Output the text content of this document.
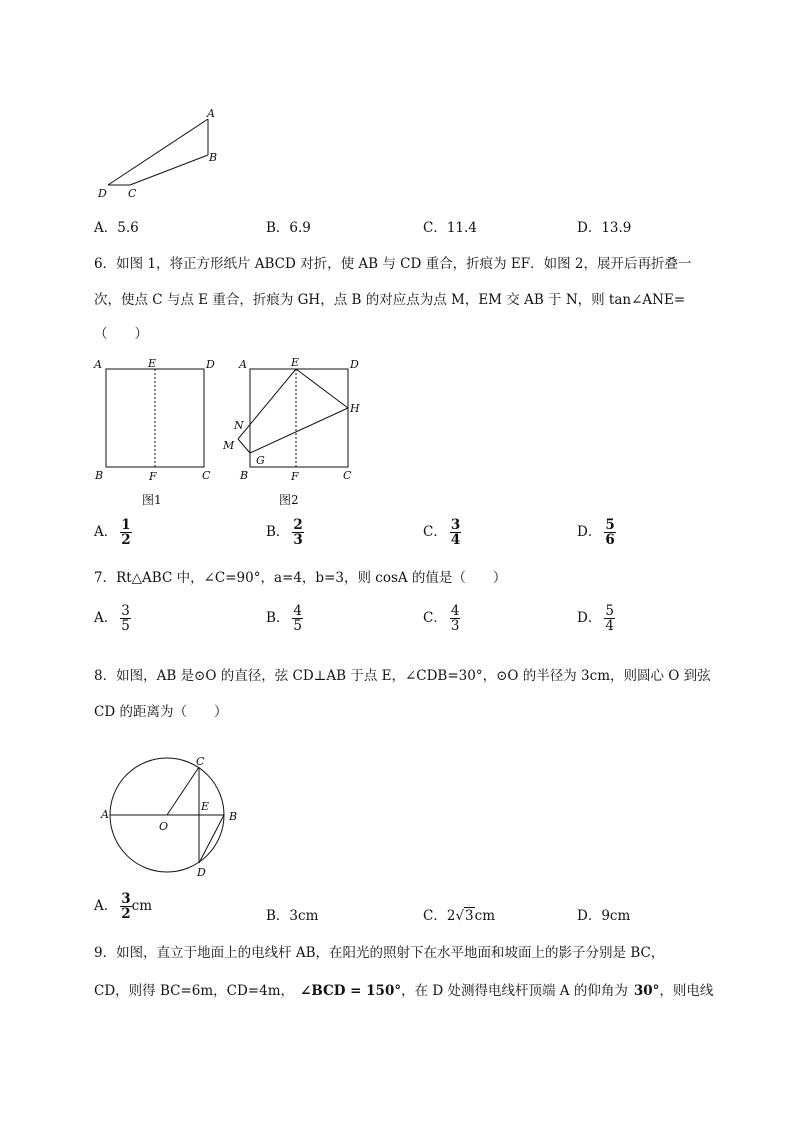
A
B
C
D
A．5.6	B．6.9	C．11.4	D．13.9
6．如图 1，将正方形纸片 ABCD 对折，使 AB 与 CD 重合，折痕为 EF．如图 2，展开后再折叠一
次，使点 C 与点 E 重合，折痕为 GH，点 B 的对应点为点 M，EM 交 AB 于 N，则 tan∠ANE=
（　　）
A	E	D
B	F	C
图1
A	E	D
H
N
M
G
B	F	C
图2
A． $\frac{1}{2}$	B． $\frac{2}{3}$	C． $\frac{3}{4}$	D． $\frac{5}{6}$
7．Rt△ABC 中，∠C=90°，a=4，b=3，则 cosA 的值是（　　）
A． $\frac{3}{5}$	B． $\frac{4}{5}$	C． $\frac{4}{3}$	D． $\frac{5}{4}$
8．如图，AB 是⊙O 的直径，弦 CD⊥AB 于点 E，∠CDB=30°，⊙O 的半径为 3cm，则圆心 O 到弦
CD 的距离为（　　）
A
O
C
E
B
D
A． $\frac{3}{2}$ cm
B．3cm	C．2√3cm	D．9cm
9．如图，直立于地面上的电线杆 AB，在阳光的照射下在水平地面和坡面上的影子分别是 BC，
CD，则得 BC=6m，CD=4m， ∠BCD = 150°，在 D 处测得电线杆顶端 A 的仰角为 30°，则电线
